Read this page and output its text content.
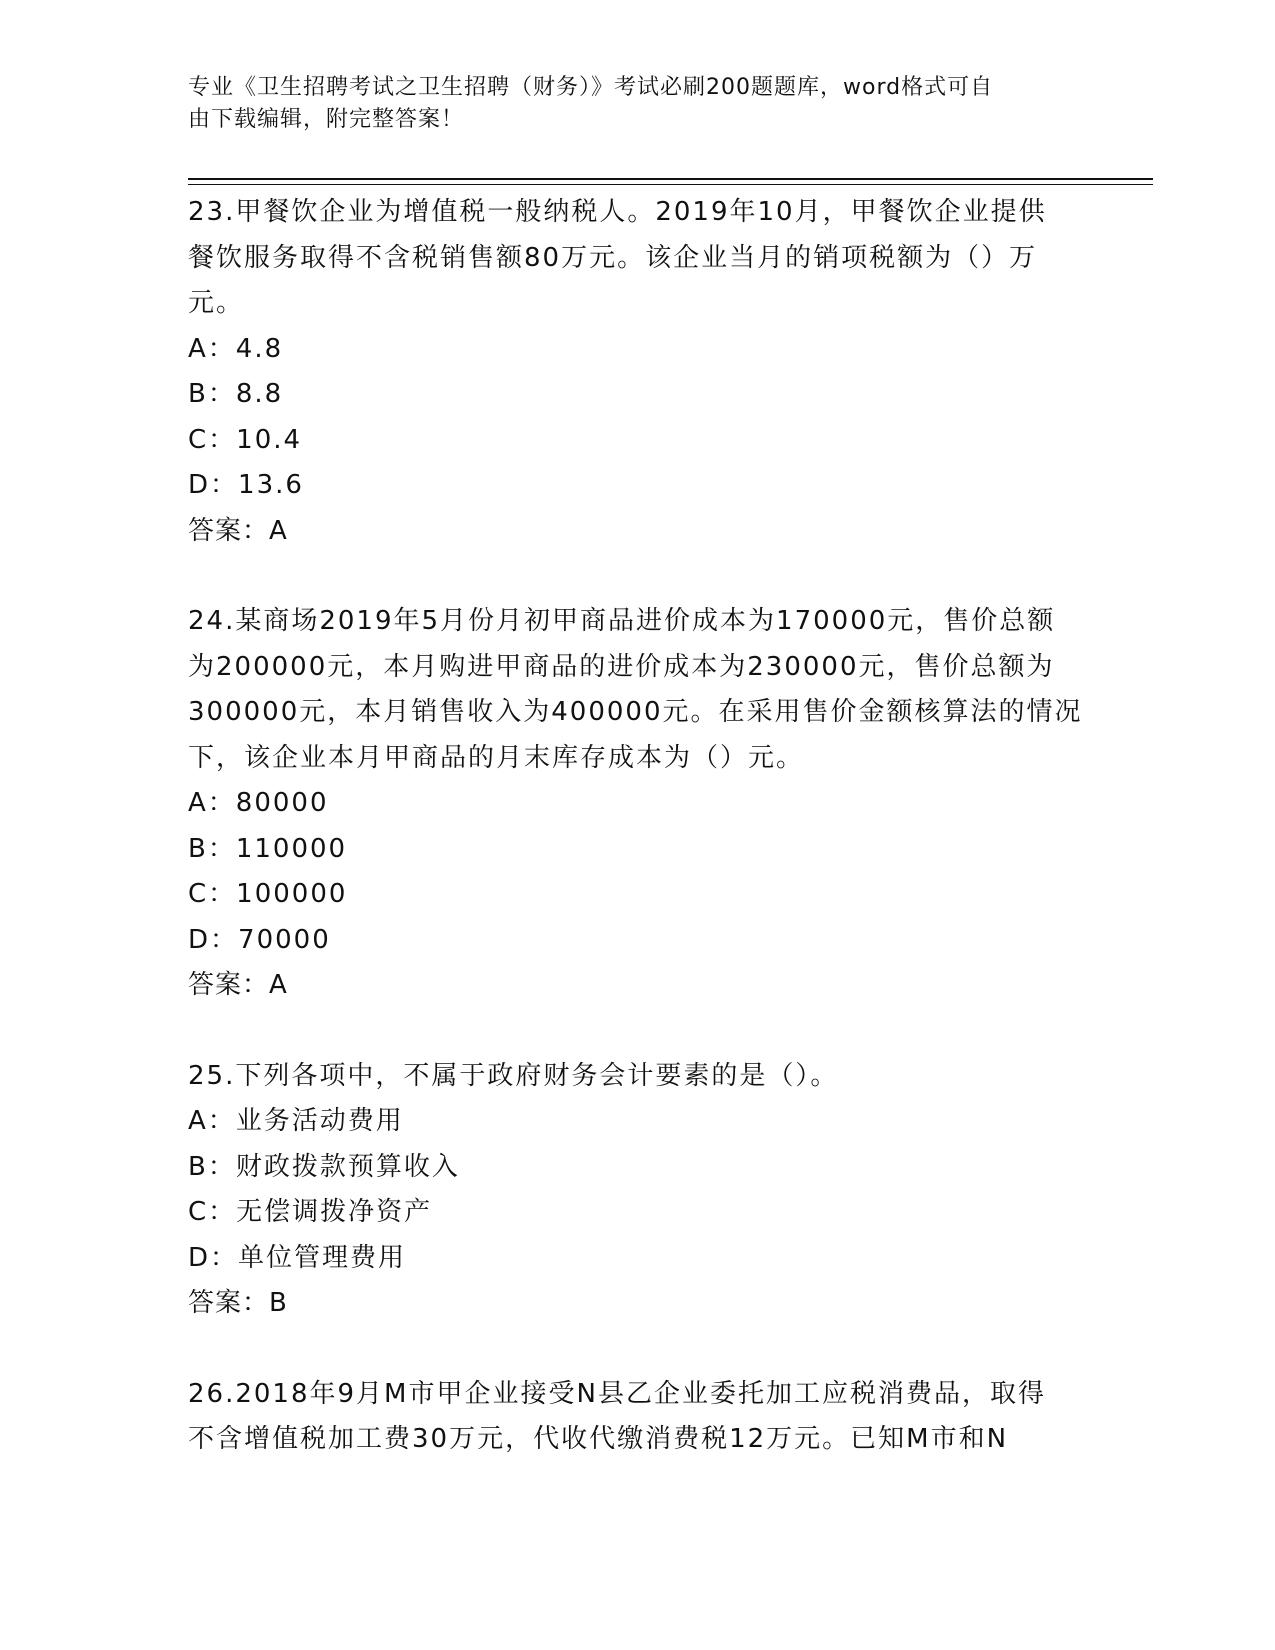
专业《卫生招聘考试之卫生招聘（财务）》考试必刷200题题库，word格式可自
由下载编辑，附完整答案！

23.甲餐饮企业为增值税一般纳税人。2019年10月，甲餐饮企业提供

餐饮服务取得不含税销售额80万元。该企业当月的销项税额为（）万

元。

A：4.8

B：8.8

C：10.4

D：13.6

答案：A

24.某商场2019年5月份月初甲商品进价成本为170000元，售价总额

为200000元，本月购进甲商品的进价成本为230000元，售价总额为

300000元，本月销售收入为400000元。在采用售价金额核算法的情况

下，该企业本月甲商品的月末库存成本为（）元。

A：80000

B：110000

C：100000

D：70000

答案：A

25.下列各项中，不属于政府财务会计要素的是（）。

A：业务活动费用

B：财政拨款预算收入

C：无偿调拨净资产

D：单位管理费用

答案：B

26.2018年9月M市甲企业接受N县乙企业委托加工应税消费品，取得

不含增值税加工费30万元，代收代缴消费税12万元。已知M市和N
